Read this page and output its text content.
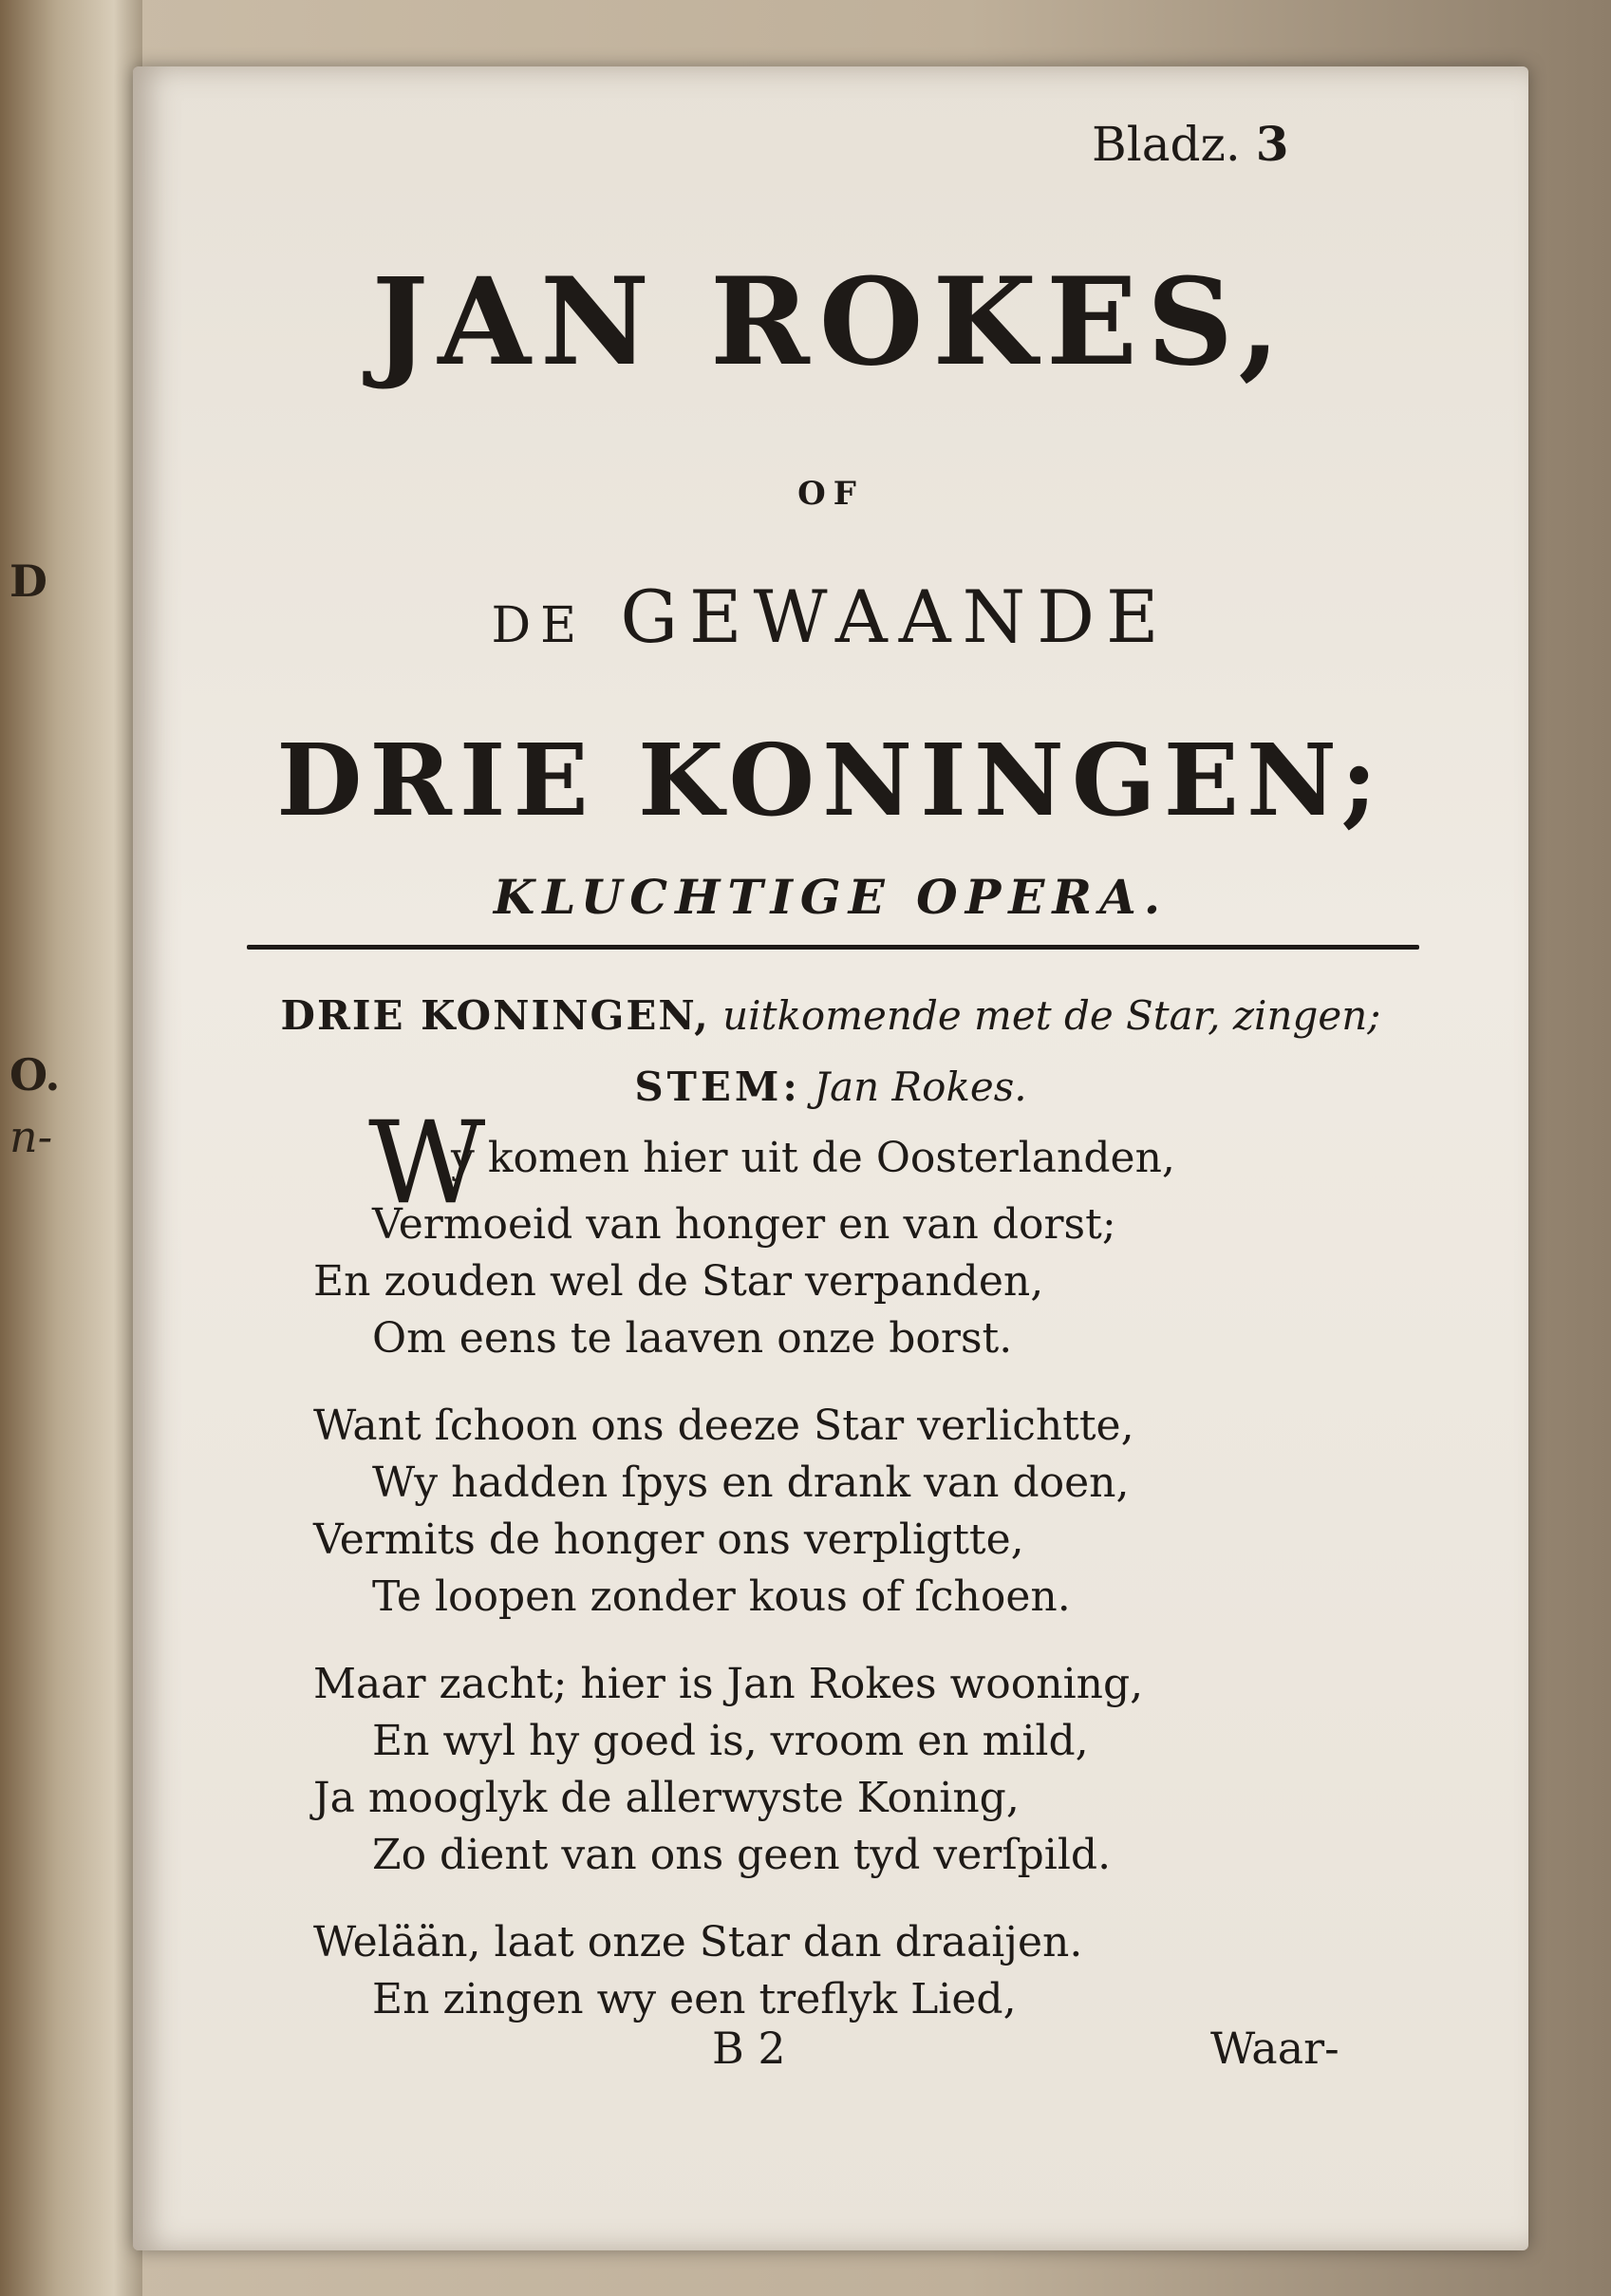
D
O.
n-
Bladz. 3
JAN ROKES,
OF
DE GEWAANDE
DRIE KONINGEN;
KLUCHTIGE OPERA.
DRIE KONINGEN, uitkomende met de Star, zingen;
STEM: Jan Rokes.
W
y komen hier uit de Oosterlanden,
Vermoeid van honger en van dorst;
En zouden wel de Star verpanden,
Om eens te laaven onze borst.
Want ſchoon ons deeze Star verlichtte,
Wy hadden ſpys en drank van doen,
Vermits de honger ons verpligtte,
Te loopen zonder kous of ſchoen.
Maar zacht; hier is Jan Rokes wooning,
En wyl hy goed is, vroom en mild,
Ja mooglyk de allerwyste Koning,
Zo dient van ons geen tyd verſpild.
Welään, laat onze Star dan draaijen.
En zingen wy een treflyk Lied,
B 2	Waar-
